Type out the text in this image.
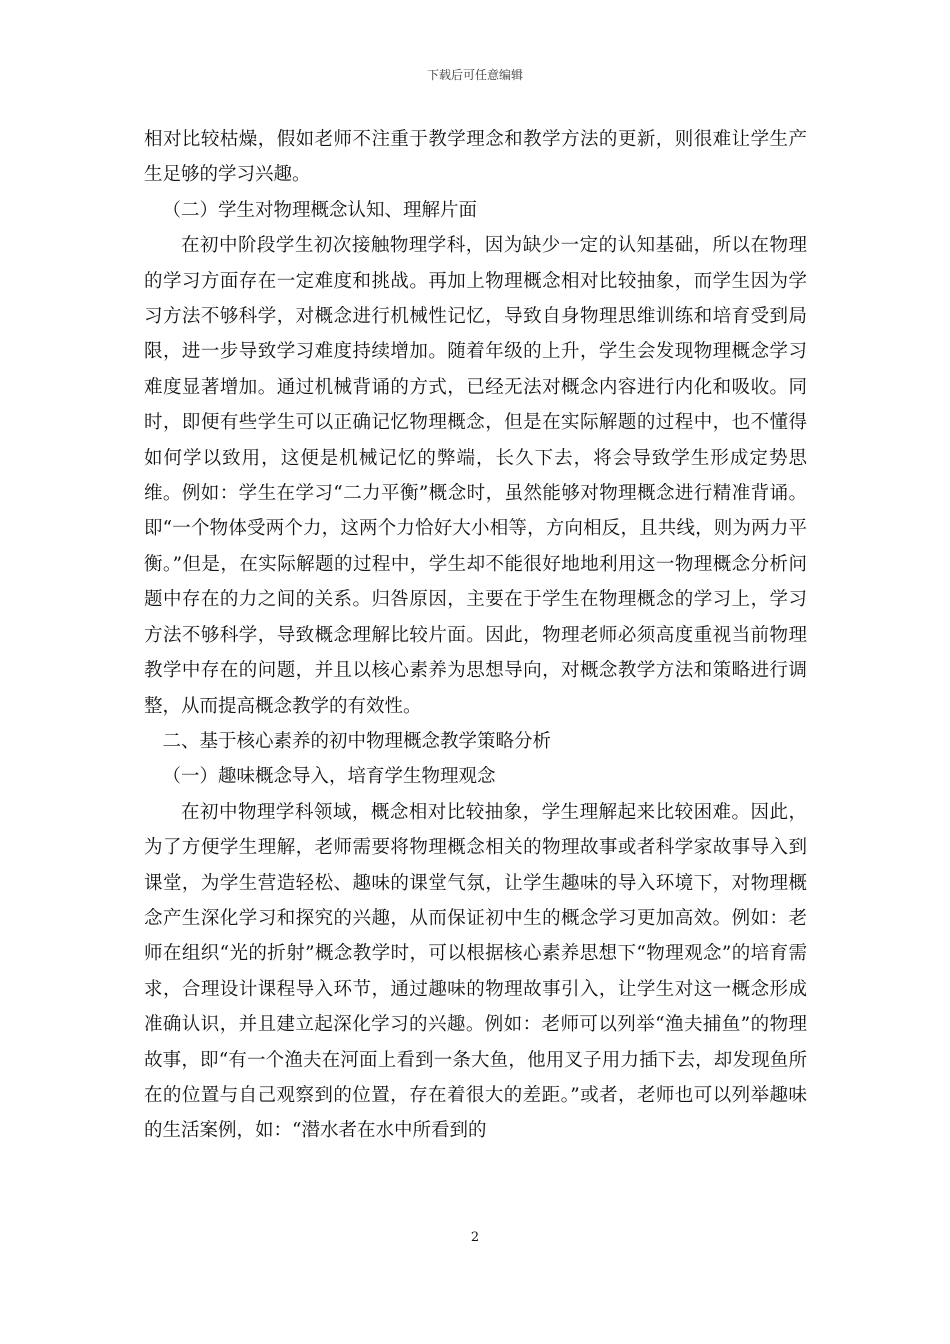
下载后可任意编辑

相对比较枯燥，假如老师不注重于教学理念和教学方法的更新，则很难让学生产生足够的学习兴趣。

（二）学生对物理概念认知、理解片面

在初中阶段学生初次接触物理学科，因为缺少一定的认知基础，所以在物理的学习方面存在一定难度和挑战。再加上物理概念相对比较抽象，而学生因为学习方法不够科学，对概念进行机械性记忆，导致自身物理思维训练和培育受到局限，进一步导致学习难度持续增加。随着年级的上升，学生会发现物理概念学习难度显著增加。通过机械背诵的方式，已经无法对概念内容进行内化和吸收。同时，即便有些学生可以正确记忆物理概念，但是在实际解题的过程中，也不懂得如何学以致用，这便是机械记忆的弊端，长久下去，将会导致学生形成定势思维。例如：学生在学习“二力平衡”概念时，虽然能够对物理概念进行精准背诵。即“一个物体受两个力，这两个力恰好大小相等，方向相反，且共线，则为两力平衡。”但是，在实际解题的过程中，学生却不能很好地地利用这一物理概念分析问题中存在的力之间的关系。归咎原因，主要在于学生在物理概念的学习上，学习方法不够科学，导致概念理解比较片面。因此，物理老师必须高度重视当前物理教学中存在的问题，并且以核心素养为思想导向，对概念教学方法和策略进行调整，从而提高概念教学的有效性。

二、基于核心素养的初中物理概念教学策略分析

（一）趣味概念导入，培育学生物理观念

在初中物理学科领域，概念相对比较抽象，学生理解起来比较困难。因此，为了方便学生理解，老师需要将物理概念相关的物理故事或者科学家故事导入到课堂，为学生营造轻松、趣味的课堂气氛，让学生趣味的导入环境下，对物理概念产生深化学习和探究的兴趣，从而保证初中生的概念学习更加高效。例如：老师在组织“光的折射”概念教学时，可以根据核心素养思想下“物理观念”的培育需求，合理设计课程导入环节，通过趣味的物理故事引入，让学生对这一概念形成准确认识，并且建立起深化学习的兴趣。例如：老师可以列举“渔夫捕鱼”的物理故事，即“有一个渔夫在河面上看到一条大鱼，他用叉子用力插下去，却发现鱼所在的位置与自己观察到的位置，存在着很大的差距。”或者，老师也可以列举趣味的生活案例，如：“潜水者在水中所看到的

2
